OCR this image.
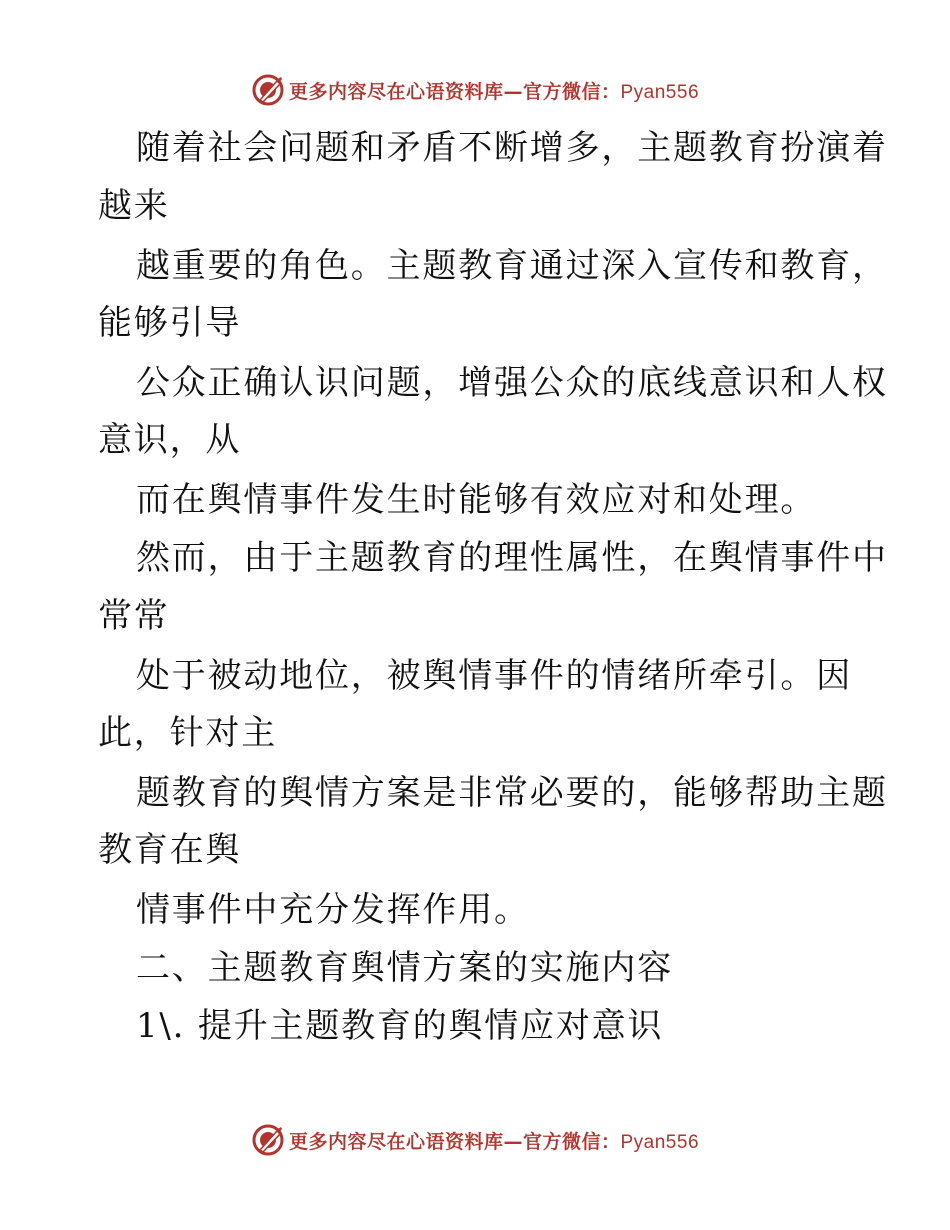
更多内容尽在心语资料库—官方微信：Pyan556
随着社会问题和矛盾不断增多，主题教育扮演着
越来
越重要的角色。主题教育通过深入宣传和教育，
能够引导
公众正确认识问题，增强公众的底线意识和人权
意识，从
而在舆情事件发生时能够有效应对和处理。
然而，由于主题教育的理性属性，在舆情事件中
常常
处于被动地位，被舆情事件的情绪所牵引。因
此，针对主
题教育的舆情方案是非常必要的，能够帮助主题
教育在舆
情事件中充分发挥作用。
二、主题教育舆情方案的实施内容
1\. 提升主题教育的舆情应对意识
更多内容尽在心语资料库—官方微信：Pyan556
